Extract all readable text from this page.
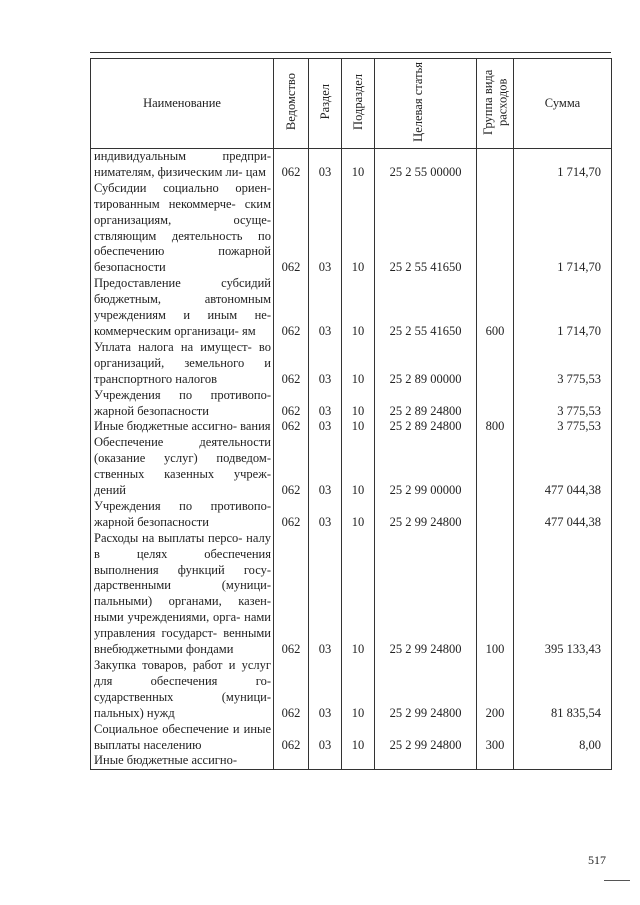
Наименование	Ведомство	Раздел	Подраздел	Целевая статья	Группа вида расходов	Сумма
индивидуальным предпри- нимателям, физическим ли- цам	062	03	10	25 2 55 00000		1 714,70
Субсидии социально ориен- тированным некоммерче- ским организациям, осуще- ствляющим деятельность по обеспечению пожарной безопасности	062	03	10	25 2 55 41650		1 714,70
Предоставление субсидий бюджетным, автономным учреждениям и иным не- коммерческим организаци- ям	062	03	10	25 2 55 41650	600	1 714,70
Уплата налога на имущест- во организаций, земельного и транспортного налогов	062	03	10	25 2 89 00000		3 775,53
Учреждения по противопо- жарной безопасности	062	03	10	25 2 89 24800		3 775,53
Иные бюджетные ассигно- вания	062	03	10	25 2 89 24800	800	3 775,53
Обеспечение деятельности (оказание услуг) подведом- ственных казенных учреж- дений	062	03	10	25 2 99 00000		477 044,38
Учреждения по противопо- жарной безопасности	062	03	10	25 2 99 24800		477 044,38
Расходы на выплаты персо- налу в целях обеспечения выполнения функций госу- дарственными (муници- пальными) органами, казен- ными учреждениями, орга- нами управления государст- венными внебюджетными фондами	062	03	10	25 2 99 24800	100	395 133,43
Закупка товаров, работ и услуг для обеспечения го- сударственных (муници- пальных) нужд	062	03	10	25 2 99 24800	200	81 835,54
Социальное обеспечение и иные выплаты населению	062	03	10	25 2 99 24800	300	8,00
Иные бюджетные ассигно-						
517
